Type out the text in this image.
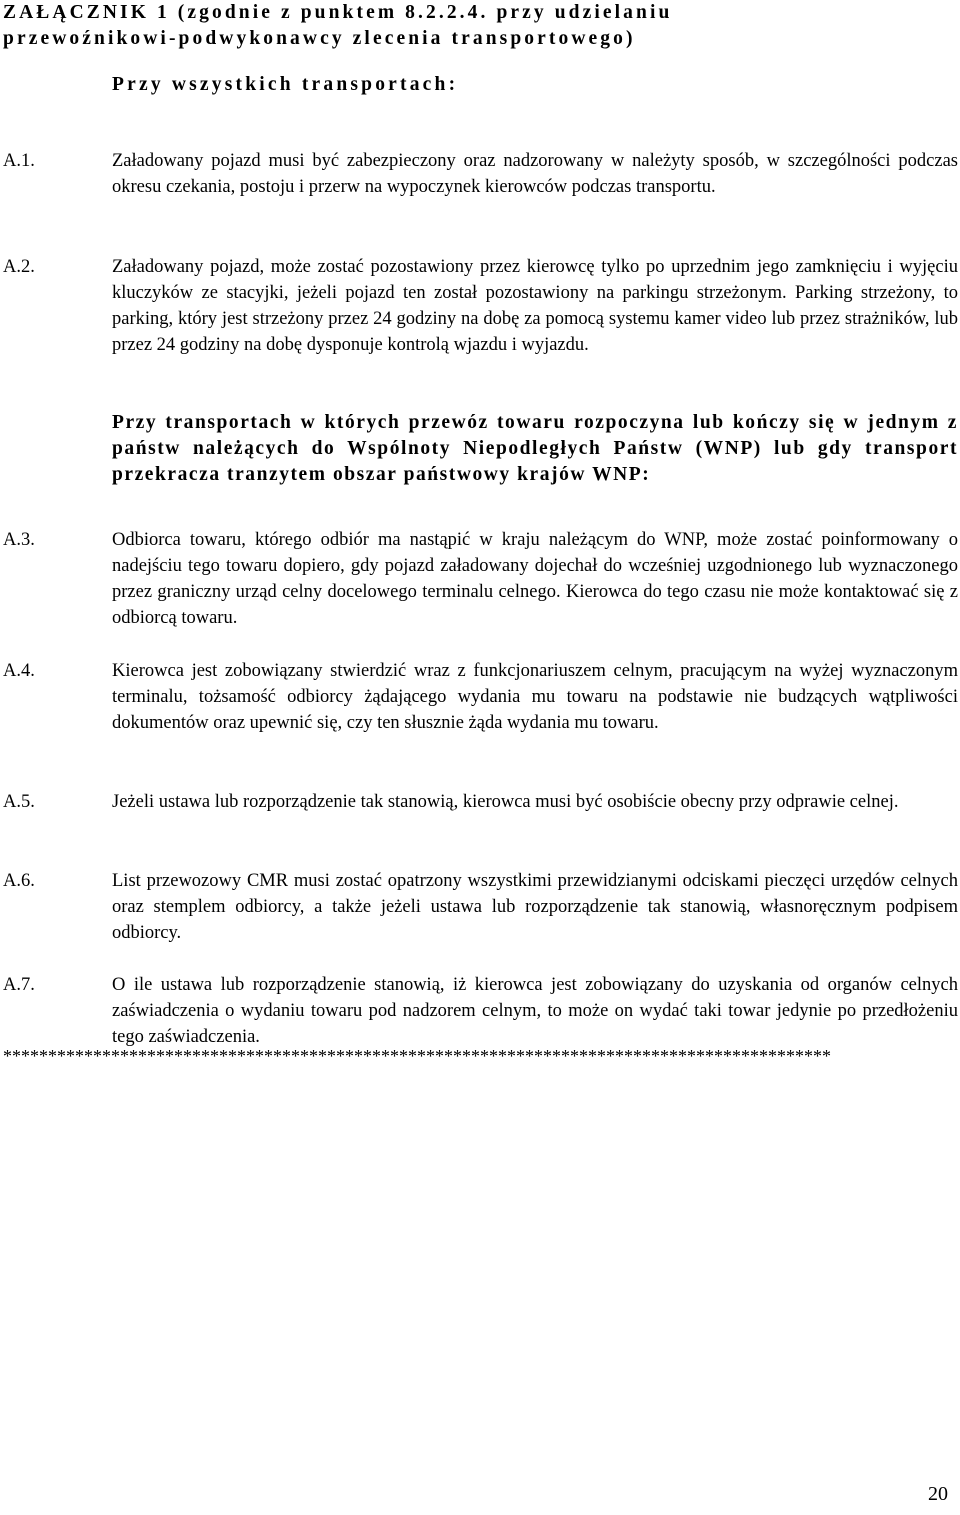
ZAŁĄCZNIK 1 (zgodnie z punktem 8.2.2.4. przy udzielaniu
przewoźnikowi-podwykonawcy zlecenia transportowego)
Przy wszystkich transportach:
A.1.	Załadowany pojazd musi być zabezpieczony oraz nadzorowany w należyty sposób, w szczególności podczas okresu czekania, postoju i przerw na wypoczynek kierowców podczas transportu.
A.2.	Załadowany pojazd, może zostać pozostawiony przez kierowcę tylko po uprzednim jego zamknięciu i wyjęciu kluczyków ze stacyjki, jeżeli pojazd ten został pozostawiony na parkingu strzeżonym. Parking strzeżony, to parking, który jest strzeżony przez 24 godziny na dobę za pomocą systemu kamer video lub przez strażników, lub przez 24 godziny na dobę dysponuje kontrolą wjazdu i wyjazdu.
Przy transportach w których przewóz towaru rozpoczyna lub kończy się w jednym z państw należących do Wspólnoty Niepodległych Państw (WNP) lub gdy transport przekracza tranzytem obszar państwowy krajów WNP:
A.3.	Odbiorca towaru, którego odbiór ma nastąpić w kraju należącym do WNP, może zostać poinformowany o nadejściu tego towaru dopiero, gdy pojazd załadowany dojechał do wcześniej uzgodnionego lub wyznaczonego przez graniczny urząd celny docelowego terminalu celnego. Kierowca do tego czasu nie może kontaktować się z odbiorcą towaru.
A.4.	Kierowca jest zobowiązany stwierdzić wraz z funkcjonariuszem celnym, pracującym na wyżej wyznaczonym terminalu, tożsamość odbiorcy żądającego wydania mu towaru na podstawie nie budzących wątpliwości dokumentów oraz upewnić się, czy ten słusznie żąda wydania mu towaru.
A.5.	Jeżeli ustawa lub rozporządzenie tak stanowią, kierowca musi być osobiście obecny przy odprawie celnej.
A.6.	List przewozowy CMR musi zostać opatrzony wszystkimi przewidzianymi odciskami pieczęci urzędów celnych oraz stemplem odbiorcy, a także jeżeli ustawa lub rozporządzenie tak stanowią, własnoręcznym podpisem odbiorcy.
A.7.	O ile ustawa lub rozporządzenie stanowią, iż kierowca jest zobowiązany do uzyskania od organów celnych zaświadczenia o wydaniu towaru pod nadzorem celnym, to może on wydać taki towar jedynie po przedłożeniu tego zaświadczenia.
********************************************************************************************
20
